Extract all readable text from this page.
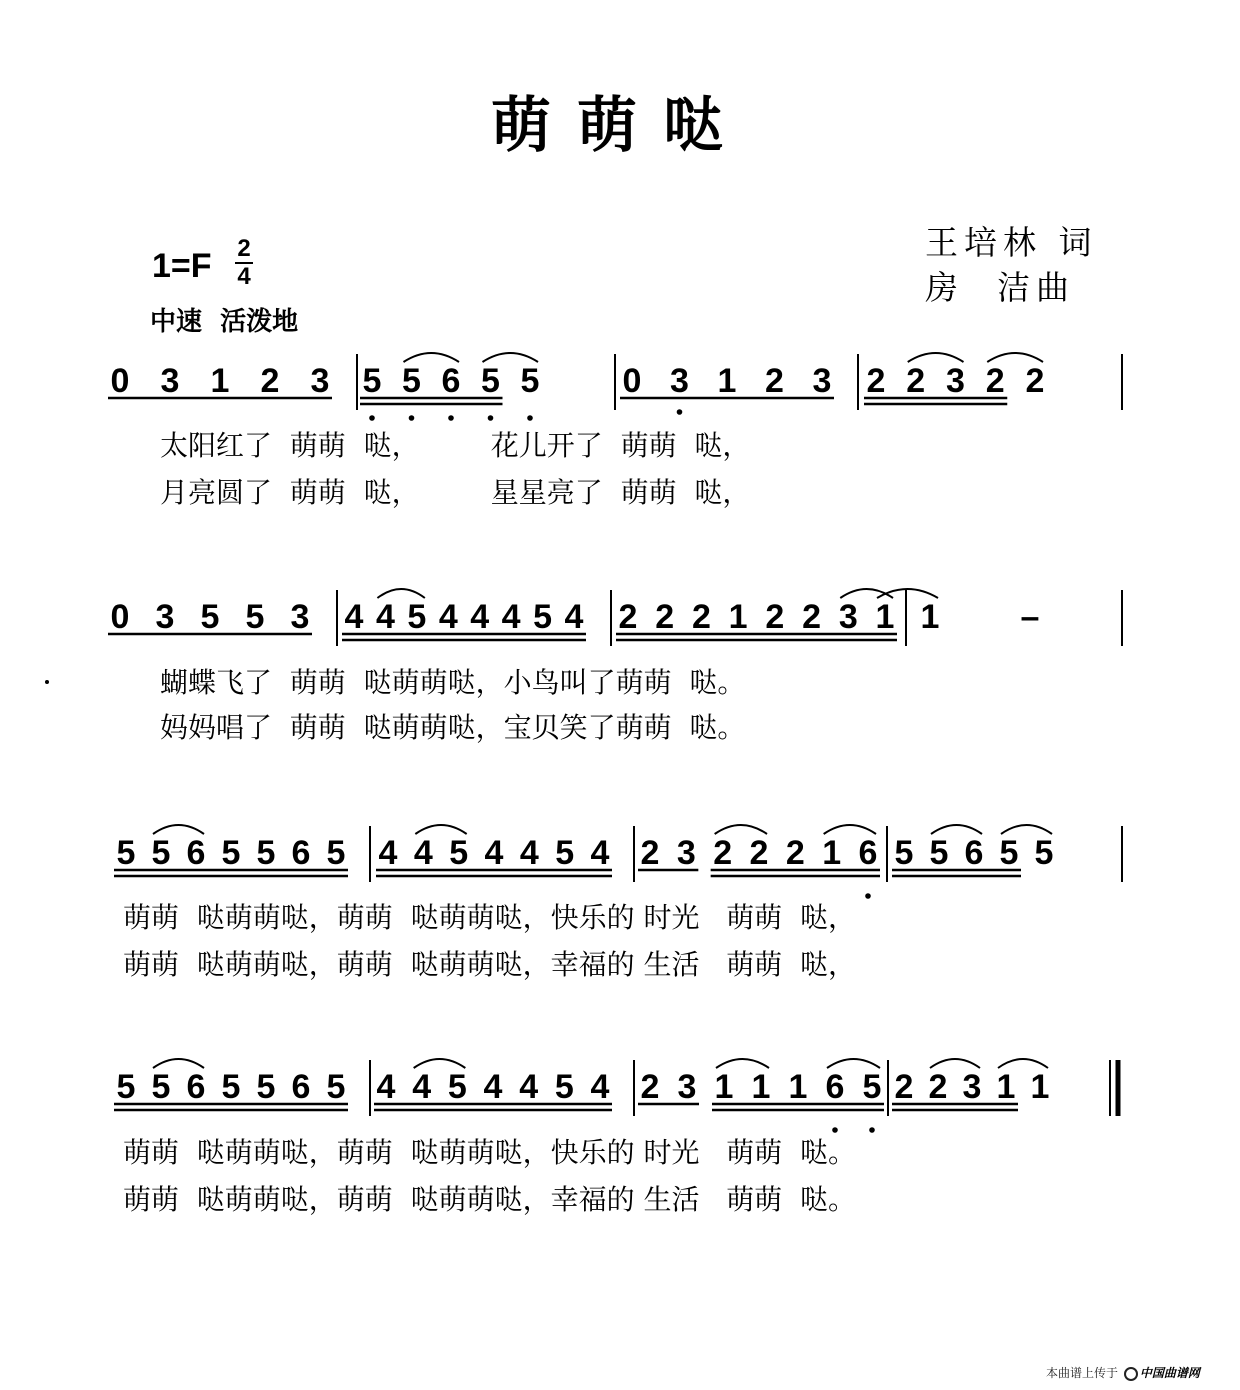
萌萌哒
王培林 词
房  洁曲
1=F 2
4
中速  活泼地
0 3 1 2 3 5 5 6 5 5 0 3 1 2 3 2 2 3 2 2
0 3 5 5 3 4 4 5 4 4 4 5 4 2 2 2 1 2 2 3 1 1 –
5 5 6 5 5 6 5 4 4 5 4 4 5 4 2 3 2 2 2 1 6 5 5 6 5 5
5 5 6 5 5 6 5 4 4 5 4 4 5 4 2 3 1 1 1 6 5 2 2 3 1 1
太阳红了  萌萌  哒，        花儿开了  萌萌  哒，
月亮圆了  萌萌  哒，        星星亮了  萌萌  哒，
蝴蝶飞了  萌萌  哒萌萌哒，小鸟叫了萌萌  哒。
妈妈唱了  萌萌  哒萌萌哒，宝贝笑了萌萌  哒。
萌萌  哒萌萌哒，萌萌  哒萌萌哒，快乐的 时光   萌萌  哒，
萌萌  哒萌萌哒，萌萌  哒萌萌哒，幸福的 生活   萌萌  哒，
萌萌  哒萌萌哒，萌萌  哒萌萌哒，快乐的 时光   萌萌  哒。
萌萌  哒萌萌哒，萌萌  哒萌萌哒，幸福的 生活   萌萌  哒。
本曲谱上传于 中国曲谱网
